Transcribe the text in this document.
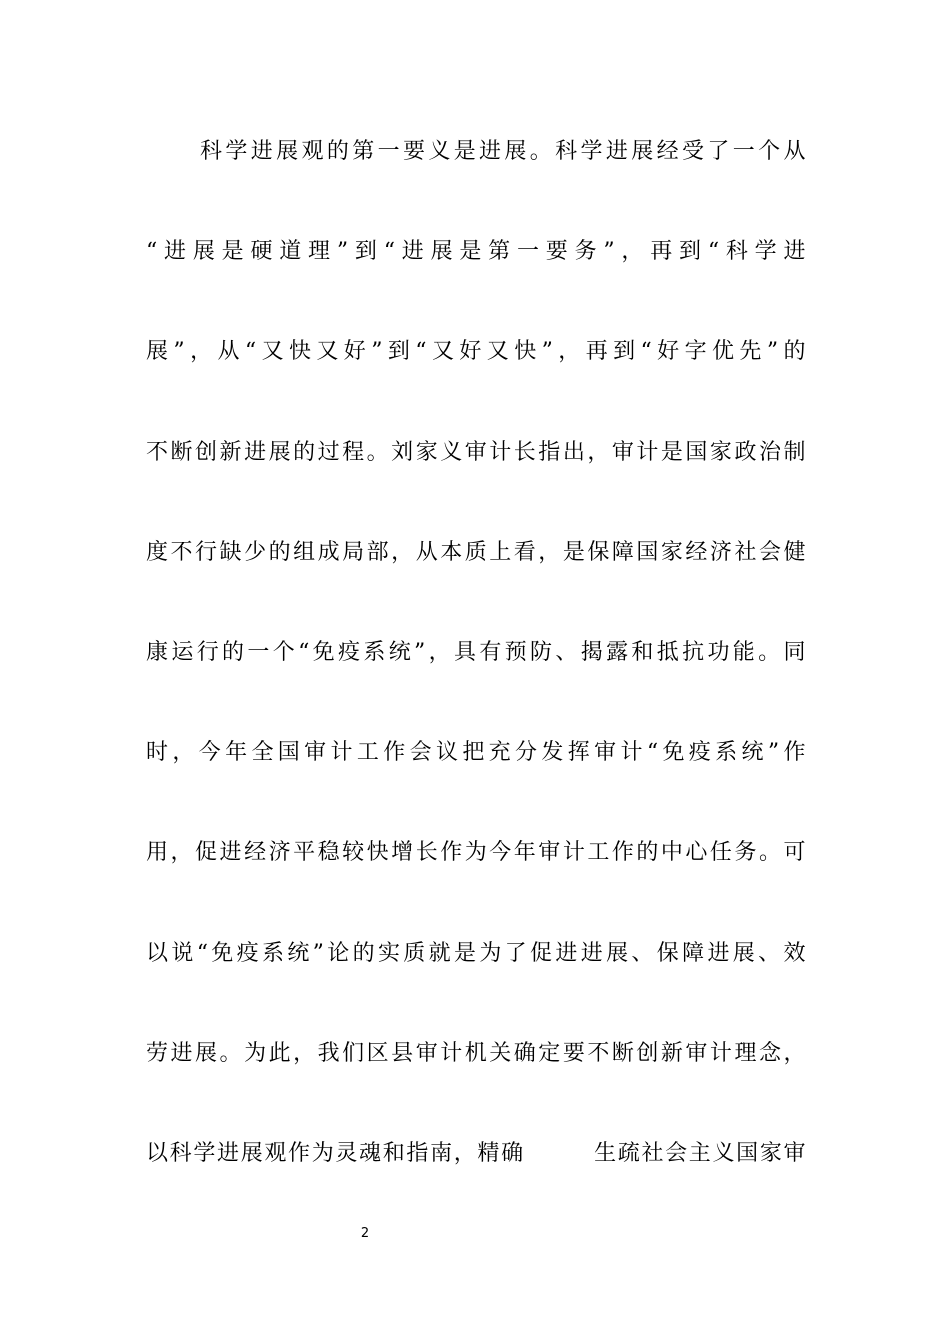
科学进展观的第一要义是进展。科学进展经受了一个从
“进展是硬道理”到“进展是第一要务”，再到“科学进
展”，从“又快又好”到“又好又快”，再到“好字优先”的
不断创新进展的过程。刘家义审计长指出，审计是国家政治制
度不行缺少的组成局部，从本质上看，是保障国家经济社会健
康运行的一个“免疫系统”，具有预防、揭露和抵抗功能。同
时，今年全国审计工作会议把充分发挥审计“免疫系统”作
用，促进经济平稳较快增长作为今年审计工作的中心任务。可
以说“免疫系统”论的实质就是为了促进进展、保障进展、效
劳进展。为此，我们区县审计机关确定要不断创新审计理念，
以科学进展观作为灵魂和指南，精确        生疏社会主义国家审
2
